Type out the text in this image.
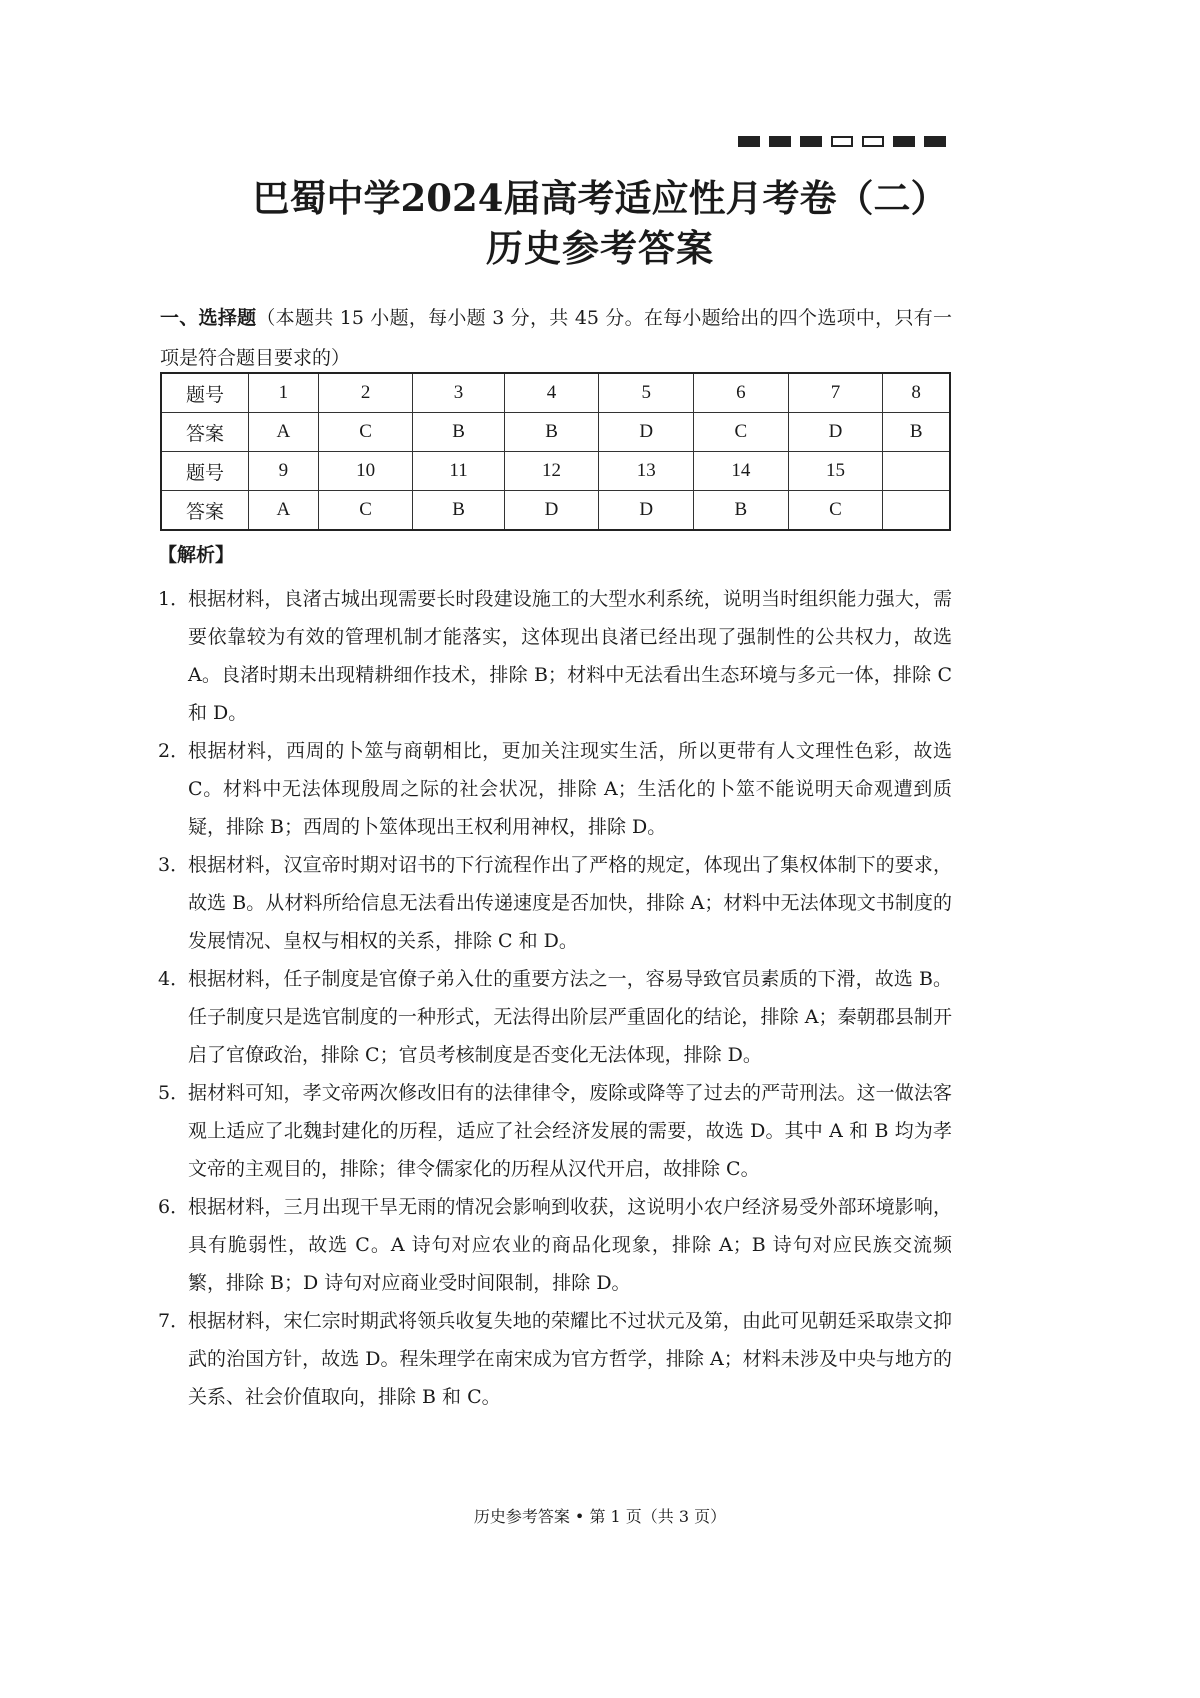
巴蜀中学2024届高考适应性月考卷（二）
历史参考答案
一、选择题（本题共 15 小题，每小题 3 分，共 45 分。在每小题给出的四个选项中，只有一项是符合题目要求的）
题号	1	2	3	4	5	6	7	8
答案	A	C	B	B	D	C	D	B
题号	9	10	11	12	13	14	15	
答案	A	C	B	D	D	B	C	
【解析】
1．
根据材料，良渚古城出现需要长时段建设施工的大型水利系统，说明当时组织能力强大，需要依靠较为有效的管理机制才能落实，这体现出良渚已经出现了强制性的公共权力，故选 A。良渚时期未出现精耕细作技术，排除 B；材料中无法看出生态环境与多元一体，排除 C 和 D。
2．
根据材料，西周的卜筮与商朝相比，更加关注现实生活，所以更带有人文理性色彩，故选 C。材料中无法体现殷周之际的社会状况，排除 A；生活化的卜筮不能说明天命观遭到质疑，排除 B；西周的卜筮体现出王权利用神权，排除 D。
3．
根据材料，汉宣帝时期对诏书的下行流程作出了严格的规定，体现出了集权体制下的要求，故选 B。从材料所给信息无法看出传递速度是否加快，排除 A；材料中无法体现文书制度的发展情况、皇权与相权的关系，排除 C 和 D。
4．
根据材料，任子制度是官僚子弟入仕的重要方法之一，容易导致官员素质的下滑，故选 B。任子制度只是选官制度的一种形式，无法得出阶层严重固化的结论，排除 A；秦朝郡县制开启了官僚政治，排除 C；官员考核制度是否变化无法体现，排除 D。
5．
据材料可知，孝文帝两次修改旧有的法律律令，废除或降等了过去的严苛刑法。这一做法客观上适应了北魏封建化的历程，适应了社会经济发展的需要，故选 D。其中 A 和 B 均为孝文帝的主观目的，排除；律令儒家化的历程从汉代开启，故排除 C。
6．
根据材料，三月出现干旱无雨的情况会影响到收获，这说明小农户经济易受外部环境影响，具有脆弱性，故选 C。A 诗句对应农业的商品化现象，排除 A；B 诗句对应民族交流频繁，排除 B；D 诗句对应商业受时间限制，排除 D。
7．
根据材料，宋仁宗时期武将领兵收复失地的荣耀比不过状元及第，由此可见朝廷采取崇文抑武的治国方针，故选 D。程朱理学在南宋成为官方哲学，排除 A；材料未涉及中央与地方的关系、社会价值取向，排除 B 和 C。
历史参考答案 • 第 1 页（共 3 页）
